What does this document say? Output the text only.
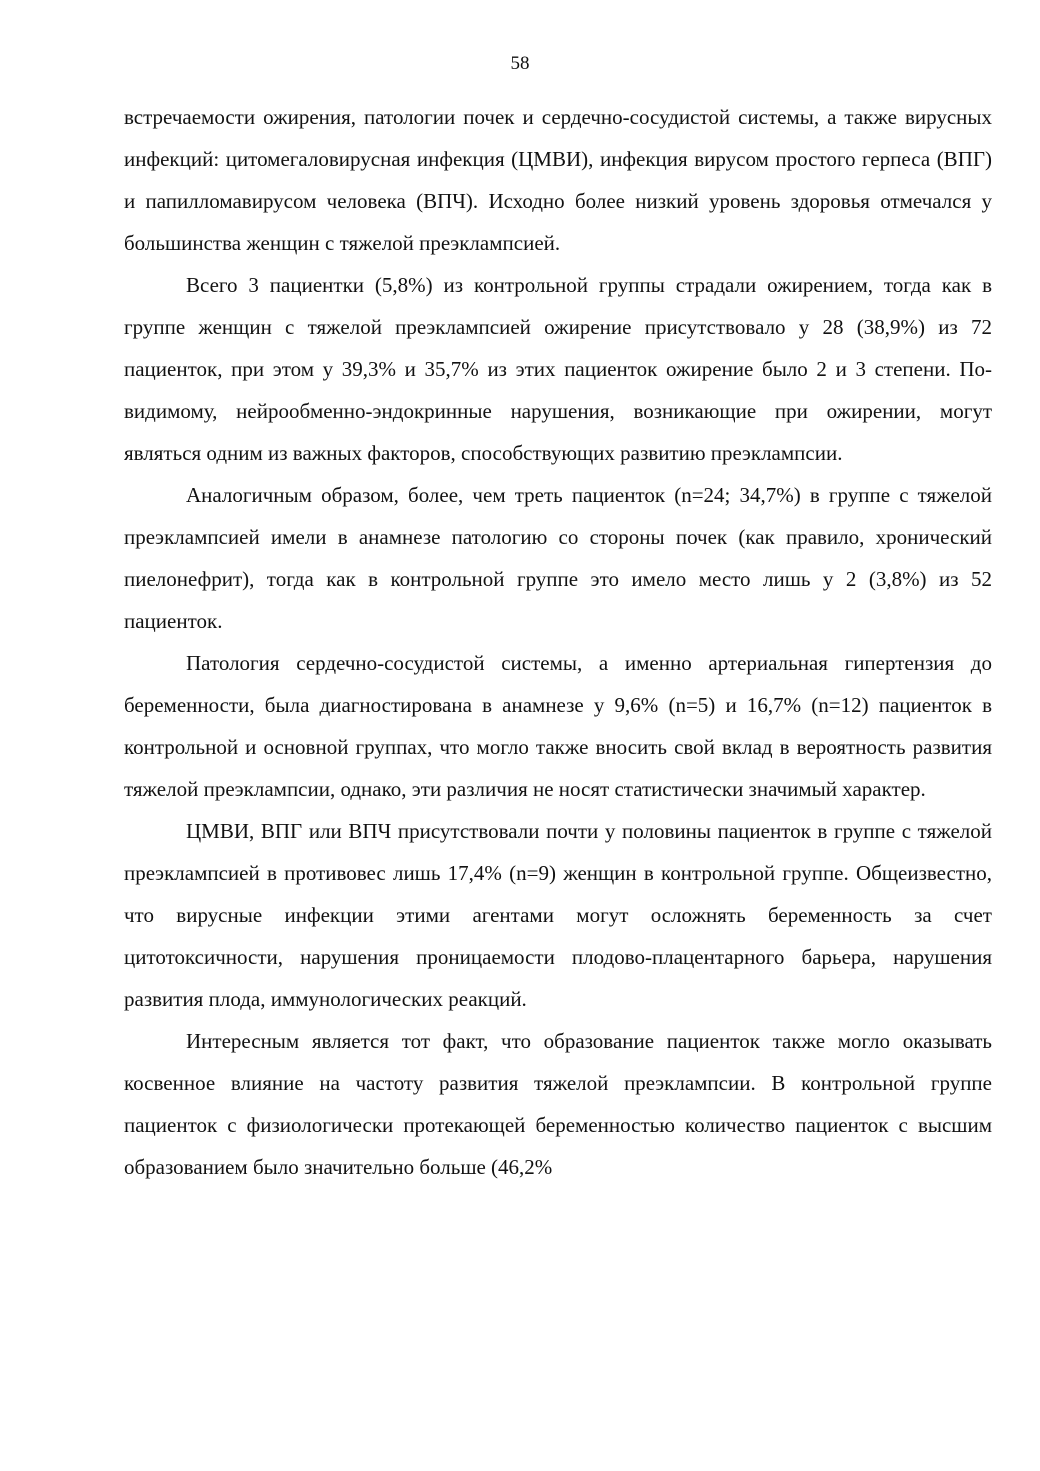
58

встречаемости ожирения, патологии почек и сердечно-сосудистой системы, а также вирусных инфекций: цитомегаловирусная инфекция (ЦМВИ), инфекция вирусом простого герпеса (ВПГ) и папилломавирусом человека (ВПЧ). Исходно более низкий уровень здоровья отмечался у большинства женщин с тяжелой преэклампсией.

Всего 3 пациентки (5,8%) из контрольной группы страдали ожирением, тогда как в группе женщин с тяжелой преэклампсией ожирение присутствовало у 28 (38,9%) из 72 пациенток, при этом у 39,3% и 35,7% из этих пациенток ожирение было 2 и 3 степени. По-видимому, нейрообменно-эндокринные нарушения, возникающие при ожирении, могут являться одним из важных факторов, способствующих развитию преэклампсии.

Аналогичным образом, более, чем треть пациенток (n=24; 34,7%) в группе с тяжелой преэклампсией имели в анамнезе патологию со стороны почек (как правило, хронический пиелонефрит), тогда как в контрольной группе это имело место лишь у 2 (3,8%) из 52 пациенток.

Патология сердечно-сосудистой системы, а именно артериальная гипертензия до беременности, была диагностирована в анамнезе у 9,6% (n=5) и 16,7% (n=12) пациенток в контрольной и основной группах, что могло также вносить свой вклад в вероятность развития тяжелой преэклампсии, однако, эти различия не носят статистически значимый характер.

ЦМВИ, ВПГ или ВПЧ присутствовали почти у половины пациенток в группе с тяжелой преэклампсией в противовес лишь 17,4% (n=9) женщин в контрольной группе. Общеизвестно, что вирусные инфекции этими агентами могут осложнять беременность за счет цитотоксичности, нарушения проницаемости плодово-плацентарного барьера, нарушения развития плода, иммунологических реакций.

Интересным является тот факт, что образование пациенток также могло оказывать косвенное влияние на частоту развития тяжелой преэклампсии. В контрольной группе пациенток с физиологически протекающей беременностью количество пациенток с высшим образованием было значительно больше (46,2%
